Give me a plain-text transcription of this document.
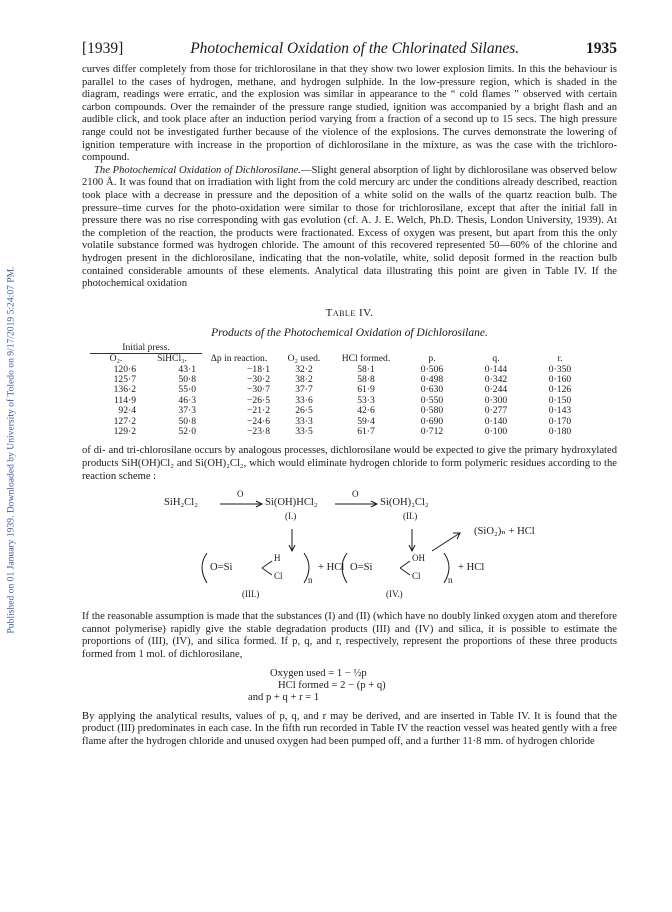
Published on 01 January 1939. Downloaded by University of Toledo on 9/17/2019 5:24:07 PM.
[1939]	Photochemical Oxidation of the Chlorinated Silanes.	1935

curves differ completely from those for trichlorosilane in that they show two lower explosion limits. In this the behaviour is parallel to the cases of hydrogen, methane, and hydrogen sulphide. In the low-pressure region, which is shaded in the diagram, readings were erratic, and the explosion was similar in appearance to the “ cold flames ” observed with certain carbon compounds. Over the remainder of the pressure range studied, ignition was accompanied by a bright flash and an audible click, and took place after an induction period varying from a fraction of a second up to 15 secs. The high pressure range could not be investigated further because of the violence of the explosions. The curves demonstrate the lowering of ignition temperature with increase in the proportion of dichlorosilane in the mixture, as was the case with the trichloro-compound.

The Photochemical Oxidation of Dichlorosilane.—Slight general absorption of light by dichlorosilane was observed below 2100 Å. It was found that on irradiation with light from the cold mercury arc under the conditions already described, reaction took place with a decrease in pressure and the deposition of a white solid on the walls of the quartz reaction bulb. The pressure–time curves for the photo-oxidation were similar to those for trichlorosilane, except that after the initial fall in pressure there was no rise corresponding with gas evolution (cf. A. J. E. Welch, Ph.D. Thesis, London University, 1939). At the completion of the reaction, the products were fractionated. Excess of oxygen was present, but apart from this the only volatile substance formed was hydrogen chloride. The amount of this recovered represented 50—60% of the chlorine and hydrogen present in the dichlorosilane, indicating that the non-volatile, white, solid deposit formed in the reaction bulb contained considerable amounts of these elements. Analytical data illustrating this point are given in Table IV. If the photochemical oxidation

Table IV.
Products of the Photochemical Oxidation of Dichlorosilane.
Initial press.		Δp in reaction.	O₂ used.	HCl formed.	p.	q.	r.
O₂.	SiHCl₃.						
120·6	43·1	−18·1	32·2	58·1	0·506	0·144	0·350
125·7	50·8	−30·2	38·2	58·8	0·498	0·342	0·160
136·2	55·0	−30·7	37·7	61·9	0·630	0·244	0·126
114·9	46·3	−26·5	33·6	53·3	0·550	0·300	0·150
92·4	37·3	−21·2	26·5	42·6	0·580	0·277	0·143
127·2	50·8	−24·6	33·3	59·4	0·690	0·140	0·170
129·2	52·0	−23·8	33·5	61·7	0·712	0·100	0·180

of di- and tri-chlorosilane occurs by analogous processes, dichlorosilane would be expected to give the primary hydroxylated products SiH(OH)Cl₂ and Si(OH)₂Cl₂, which would eliminate hydrogen chloride to form polymeric residues according to the reaction scheme :

SiH₂Cl₂
O
Si(OH)HCl₂
(I.)
O
Si(OH)₂Cl₂
(II.)
(SiO₂)ₙ + HCl
O=Si
H
Cl	n
+ HCl
(III.)
O=Si
OH
Cl	n
+ HCl
(IV.)

If the reasonable assumption is made that the substances (I) and (II) (which have no doubly linked oxygen atom and therefore cannot polymerise) rapidly give the stable degradation products (III) and (IV) and silica, it is possible to estimate the proportions of (III), (IV), and silica formed. If p, q, and r, respectively, represent the proportions of these three products formed from 1 mol. of dichlorosilane,

Oxygen used = 1 − ½p
HCl formed = 2 − (p + q)
and p + q + r = 1

By applying the analytical results, values of p, q, and r may be derived, and are inserted in Table IV. It is found that the product (III) predominates in each case. In the fifth run recorded in Table IV the reaction vessel was heated gently with a free flame after the hydrogen chloride and unused oxygen had been pumped off, and a further 11·8 mm. of hydrogen chloride
